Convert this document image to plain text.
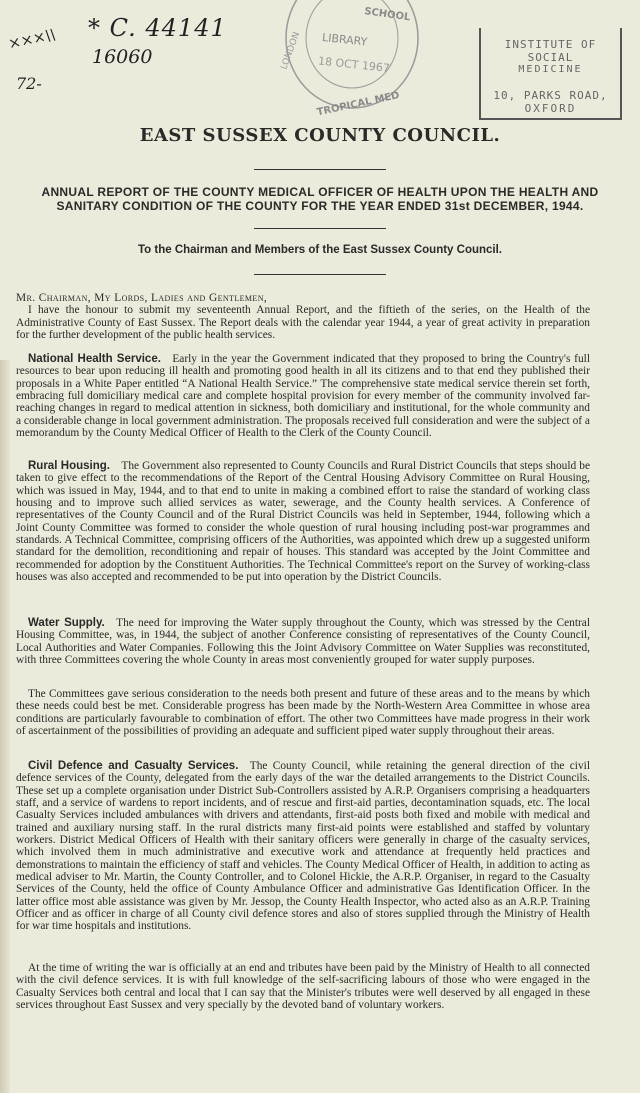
* C. 44141
16060
×××\\
72-
SCHOOL
LIBRARY
18 OCT 1967
LONDON
TROPICAL MED
INSTITUTE OF SOCIAL
MEDICINE
10, PARKS ROAD,
OXFORD
EAST SUSSEX COUNTY COUNCIL.
ANNUAL REPORT OF THE COUNTY MEDICAL OFFICER OF HEALTH UPON THE HEALTH AND
SANITARY CONDITION OF THE COUNTY FOR THE YEAR ENDED 31st DECEMBER, 1944.
To the Chairman and Members of the East Sussex County Council.

Mr. Chairman, My Lords, Ladies and Gentlemen,

I have the honour to submit my seventeenth Annual Report, and the fiftieth of the series, on the Health of the Administrative County of East Sussex. The Report deals with the calendar year 1944, a year of great activity in preparation for the further development of the public health services.

National Health Service.  Early in the year the Government indicated that they proposed to bring the Country's full resources to bear upon reducing ill health and promoting good health in all its citizens and to that end they published their proposals in a White Paper entitled “A National Health Service.” The comprehensive state medical service therein set forth, embracing full domiciliary medical care and complete hospital provision for every member of the community involved far-reaching changes in regard to medical attention in sickness, both domiciliary and institutional, for the whole community and a considerable change in local government administration. The proposals received full consideration and were the subject of a memorandum by the County Medical Officer of Health to the Clerk of the County Council.

Rural Housing.  The Government also represented to County Councils and Rural District Councils that steps should be taken to give effect to the recommendations of the Report of the Central Housing Advisory Committee on Rural Housing, which was issued in May, 1944, and to that end to unite in making a combined effort to raise the standard of working class housing and to improve such allied services as water, sewerage, and the County health services. A Conference of representatives of the County Council and of the Rural District Councils was held in September, 1944, following which a Joint County Committee was formed to consider the whole question of rural housing including post-war programmes and standards. A Technical Committee, comprising officers of the Authorities, was appointed which drew up a suggested uniform standard for the demolition, reconditioning and repair of houses. This standard was accepted by the Joint Committee and recommended for adoption by the Constituent Authorities. The Technical Committee's report on the Survey of working-class houses was also accepted and recommended to be put into operation by the District Councils.

Water Supply.  The need for improving the Water supply throughout the County, which was stressed by the Central Housing Committee, was, in 1944, the subject of another Conference consisting of representatives of the County Council, Local Authorities and Water Companies. Following this the Joint Advisory Committee on Water Supplies was reconstituted, with three Committees covering the whole County in areas most conveniently grouped for water supply purposes.

The Committees gave serious consideration to the needs both present and future of these areas and to the means by which these needs could best be met. Considerable progress has been made by the North-Western Area Committee in whose area conditions are particularly favourable to combination of effort. The other two Committees have made progress in their work of ascertainment of the possibilities of providing an adequate and sufficient piped water supply throughout their areas.

Civil Defence and Casualty Services.  The County Council, while retaining the general direction of the civil defence services of the County, delegated from the early days of the war the detailed arrangements to the District Councils. These set up a complete organisation under District Sub-Controllers assisted by A.R.P. Organisers comprising a headquarters staff, and a service of wardens to report incidents, and of rescue and first-aid parties, decontamination squads, etc. The local Casualty Services included ambulances with drivers and attendants, first-aid posts both fixed and mobile with medical and trained and auxiliary nursing staff. In the rural districts many first-aid points were established and staffed by voluntary workers. District Medical Officers of Health with their sanitary officers were generally in charge of the casualty services, which involved them in much administrative and executive work and attendance at frequently held practices and demonstrations to maintain the efficiency of staff and vehicles. The County Medical Officer of Health, in addition to acting as medical adviser to Mr. Martin, the County Controller, and to Colonel Hickie, the A.R.P. Organiser, in regard to the Casualty Services of the County, held the office of County Ambulance Officer and administrative Gas Identification Officer. In the latter office most able assistance was given by Mr. Jessop, the County Health Inspector, who acted also as an A.R.P. Training Officer and as officer in charge of all County civil defence stores and also of stores supplied through the Ministry of Health for war time hospitals and institutions.

At the time of writing the war is officially at an end and tributes have been paid by the Ministry of Health to all connected with the civil defence services. It is with full knowledge of the self-sacrificing labours of those who were engaged in the Casualty Services both central and local that I can say that the Minister's tributes were well deserved by all engaged in these services throughout East Sussex and very specially by the devoted band of voluntary workers.
